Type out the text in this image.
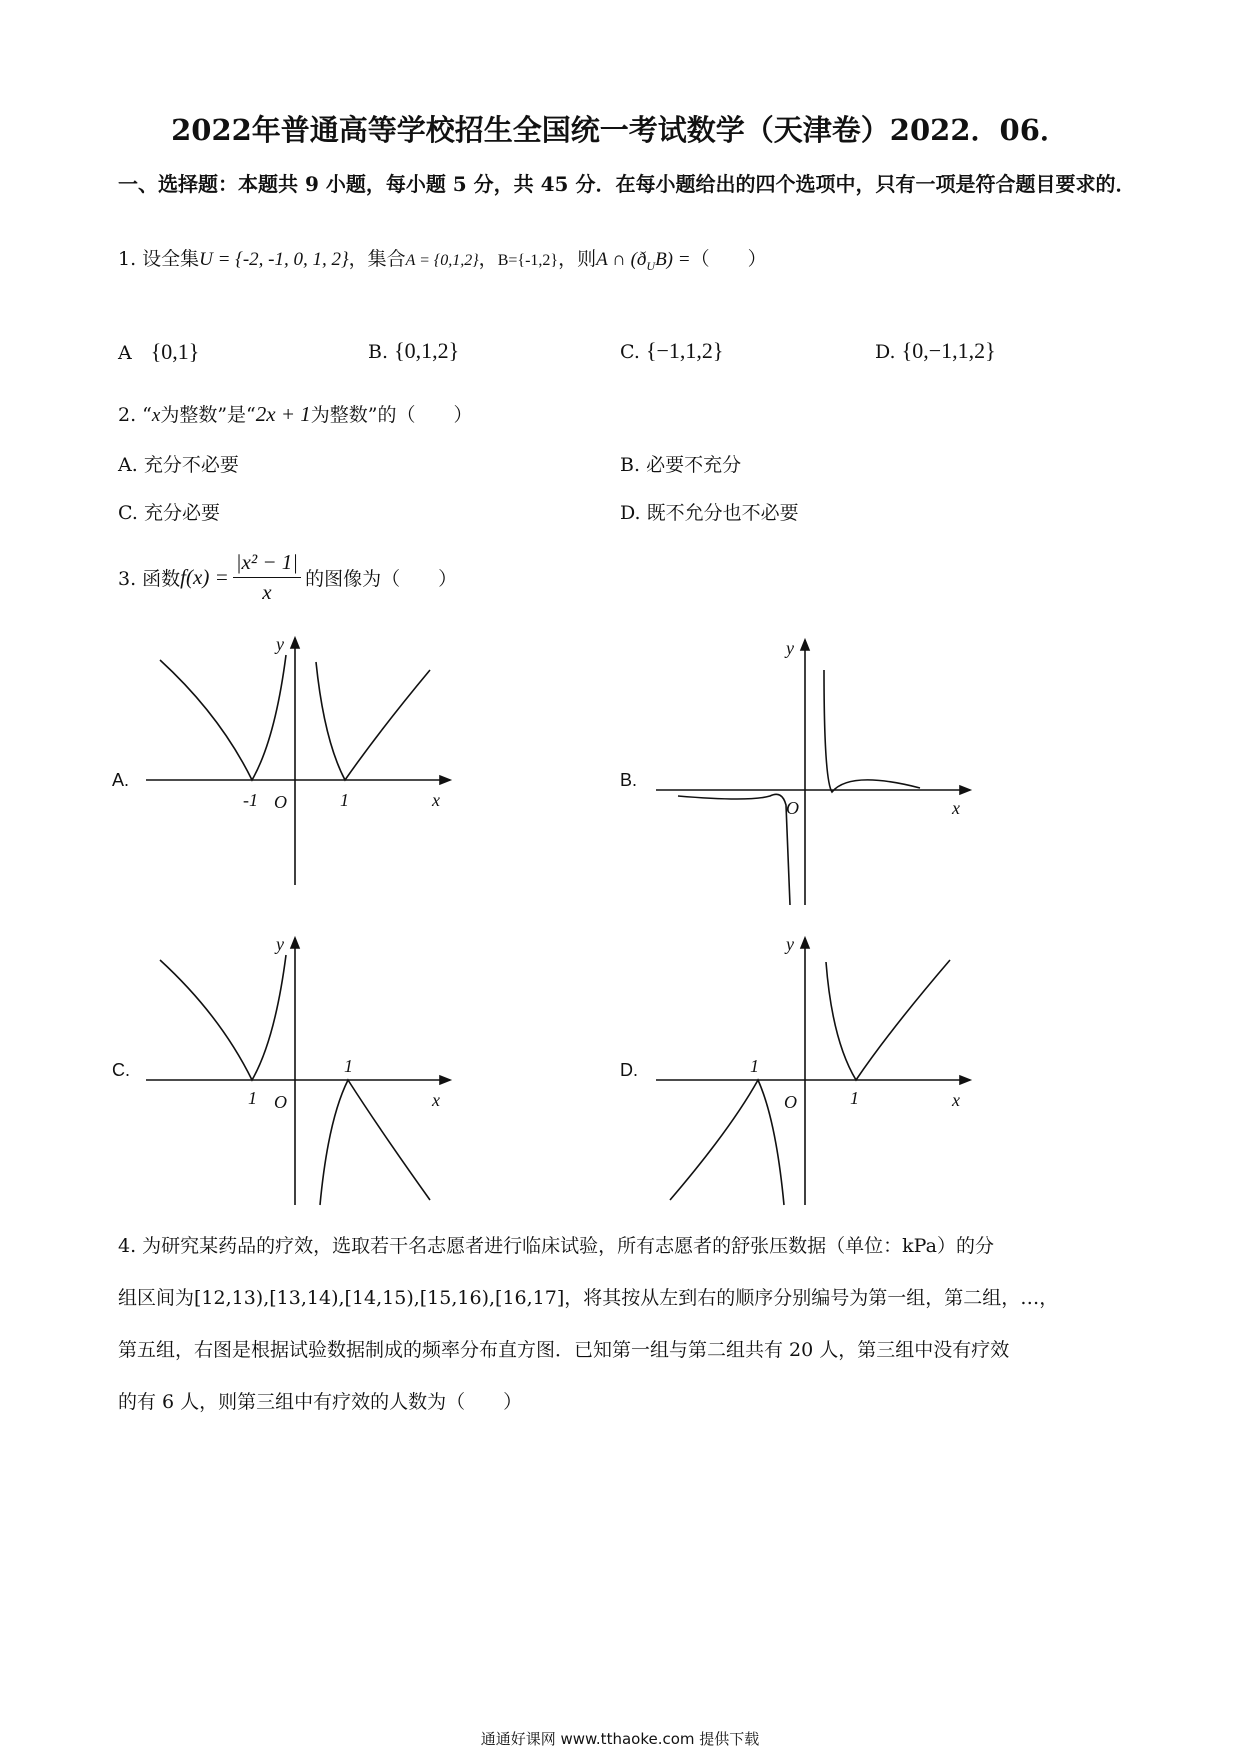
2022年普通高等学校招生全国统一考试数学（天津卷）2022．06．
一、选择题：本题共 9 小题，每小题 5 分，共 45 分．在每小题给出的四个选项中，只有一项是符合题目要求的．
1. 设全集U = {-2, -1, 0, 1, 2}，集合A = {0,1,2}，B={-1,2}，则A ∩ $(ð_UB)$ =（　　）
A　 {0,1}	B. {0,1,2}	C. {−1,1,2}	D. {0,−1,1,2}
2. “x为整数”是“2x + 1为整数”的（　　）
A. 充分不必要	B. 必要不充分
C. 充分必要	D. 既不允分也不必要
3. 函数$f(x) = \frac{\text{|x² − 1|}}{x}$ 的图像为（　　）
A.	B.
C.	D.
-1 O	1	x
y
O	x
y
1 O
1
x
y
1
O	1	x
y
4. 为研究某药品的疗效，选取若干名志愿者进行临床试验，所有志愿者的舒张压数据（单位：kPa）的分
组区间为[12,13),[13,14),[14,15),[15,16),[16,17]，将其按从左到右的顺序分别编号为第一组，第二组，…，
第五组，右图是根据试验数据制成的频率分布直方图．已知第一组与第二组共有 20 人，第三组中没有疗效
的有 6 人，则第三组中有疗效的人数为（　　）
通通好课网 www.tthaoke.com 提供下载
